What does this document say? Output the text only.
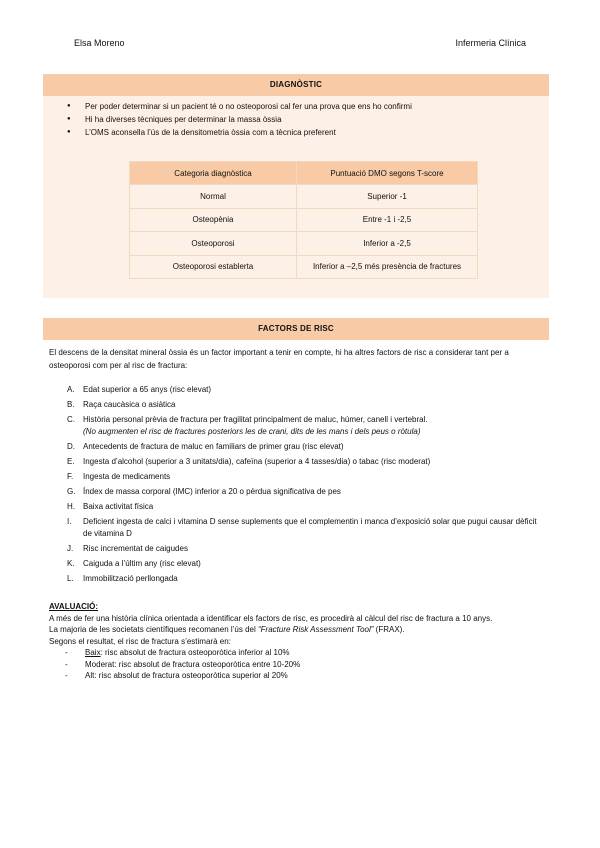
Elsa Moreno	Infermeria Clínica
DIAGNÒSTIC
● Per poder determinar si un pacient té o no osteoporosi cal fer una prova que ens ho confirmi
● Hi ha diverses tècniques per determinar la massa òssia
● L’OMS aconsella l’ús de la densitometria òssia com a tècnica preferent
Categoria diagnòstica	Puntuació DMO segons T-score
Normal	Superior -1
Osteopènia	Entre -1 i -2,5
Osteoporosi	Inferior a -2,5
Osteoporosi establerta	Inferior a –2,5 més presència de fractures
FACTORS DE RISC
El descens de la densitat mineral òssia és un factor important a tenir en compte, hi ha altres factors de risc a considerar tant per a osteoporosi com per al risc de fractura:
A. Edat superior a 65 anys (risc elevat)
B. Raça caucàsica o asiàtica
C. Història personal prèvia de fractura per fragilitat principalment de maluc, húmer, canell i vertebral.
(No augmenten el risc de fractures posteriors les de crani, dits de les mans i dels peus o ròtula)
D. Antecedents de fractura de maluc en familiars de primer grau (risc elevat)
E. Ingesta d’alcohol (superior a 3 unitats/dia), cafeïna (superior a 4 tasses/dia) o tabac (risc moderat)
F. Ingesta de medicaments
G. Índex de massa corporal (IMC) inferior a 20 o pèrdua significativa de pes
H. Baixa activitat física
I. Deficient ingesta de calci i vitamina D sense suplements que el complementin i manca d’exposició solar que pugui causar dèficit de vitamina D
J. Risc incrementat de caigudes
K. Caiguda a l’últim any (risc elevat)
L. Immobilització perllongada
AVALUACIÓ:
A més de fer una història clínica orientada a identificar els factors de risc, es procedirà al càlcul del risc de fractura a 10 anys.
La majoria de les societats científiques recomanen l’ús del “Fracture Risk Assessment Tool” (FRAX).
Segons el resultat, el risc de fractura s’estimarà en:
- Baix: risc absolut de fractura osteoporòtica inferior al 10%
- Moderat: risc absolut de fractura osteoporòtica entre 10-20%
- Alt: risc absolut de fractura osteoporòtica superior al 20%
